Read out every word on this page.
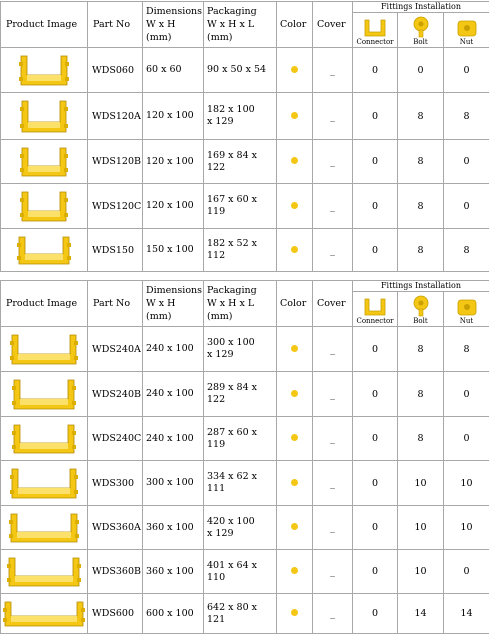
Product Image	Part No	Dimensions
W x H (mm)	Packaging
W x H x L (mm)	Color	Cover	Fittings Installation		

Connector	Bolt	Nut

	WDS060	60 x 60	90 x 50 x 54		_	0	0	0

	WDS120A	120 x 100	182 x 100
x 129		_	0	8	8

	WDS120B	120 x 100	169 x 84 x 122		_	0	8	0

	WDS120C	120 x 100	167 x 60 x 119		_	0	8	0

	WDS150	150 x 100	182 x 52 x 112		_	0	8	8
Product Image	Part No	Dimensions
W x H (mm)	Packaging
W x H x L (mm)	Color	Cover	Fittings Installation		

Connector	Bolt	Nut

	WDS240A	240 x 100	300 x 100
x 129		_	0	8	8

	WDS240B	240 x 100	289 x 84 x 122		_	0	8	0

	WDS240C	240 x 100	287 x 60 x 119		_	0	8	0

	WDS300	300 x 100	334 x 62 x 111		_	0	10	10

	WDS360A	360 x 100	420 x 100
x 129		_	0	10	10

	WDS360B	360 x 100	401 x 64 x 110		_	0	10	0

	WDS600	600 x 100	642 x 80 x 121		_	0	14	14
